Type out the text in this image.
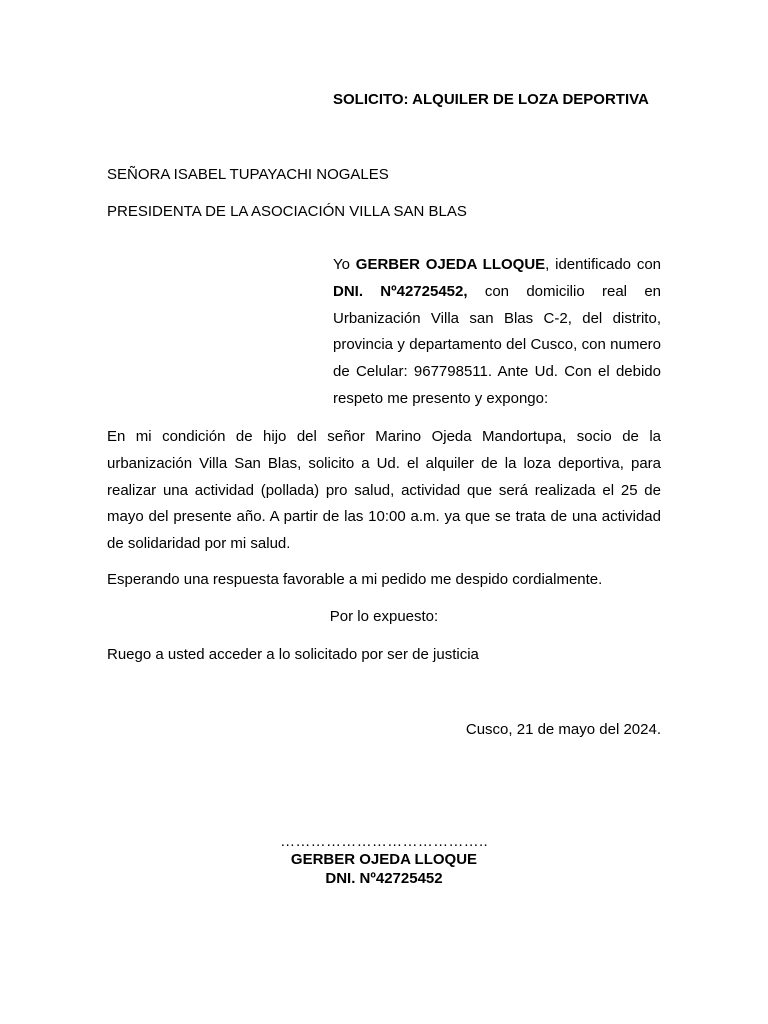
SOLICITO: ALQUILER DE LOZA DEPORTIVA
SEÑORA ISABEL TUPAYACHI NOGALES
PRESIDENTA DE LA ASOCIACIÓN VILLA SAN BLAS
Yo GERBER OJEDA LLOQUE, identificado con DNI. Nº42725452, con domicilio real en Urbanización Villa san Blas C-2, del distrito, provincia y departamento del Cusco, con numero de Celular: 967798511. Ante Ud. Con el debido respeto me presento y expongo:
En mi condición de hijo del señor Marino Ojeda Mandortupa, socio de la urbanización Villa San Blas, solicito a Ud. el alquiler de la loza deportiva, para realizar una actividad (pollada) pro salud, actividad que será realizada el 25 de mayo del presente año. A partir de las 10:00 a.m. ya que se trata de una actividad de solidaridad por mi salud.
Esperando una respuesta favorable a mi pedido me despido cordialmente.
Por lo expuesto:
Ruego a usted acceder a lo solicitado por ser de justicia
Cusco, 21 de mayo del 2024.
…………………………………..
GERBER OJEDA LLOQUE
DNI. Nº42725452
